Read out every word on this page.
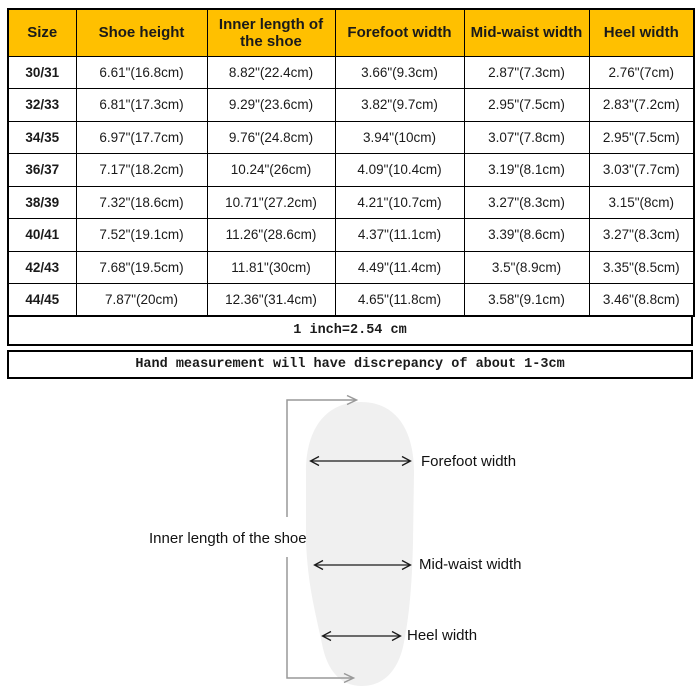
Size	Shoe height	Inner length of the shoe	Forefoot width	Mid-waist width	Heel width
30/31	6.61"(16.8cm)	8.82"(22.4cm)	3.66"(9.3cm)	2.87"(7.3cm)	2.76"(7cm)
32/33	6.81"(17.3cm)	9.29"(23.6cm)	3.82"(9.7cm)	2.95"(7.5cm)	2.83"(7.2cm)
34/35	6.97"(17.7cm)	9.76"(24.8cm)	3.94"(10cm)	3.07"(7.8cm)	2.95"(7.5cm)
36/37	7.17"(18.2cm)	10.24"(26cm)	4.09"(10.4cm)	3.19"(8.1cm)	3.03"(7.7cm)
38/39	7.32"(18.6cm)	10.71"(27.2cm)	4.21"(10.7cm)	3.27"(8.3cm)	3.15"(8cm)
40/41	7.52"(19.1cm)	11.26"(28.6cm)	4.37"(11.1cm)	3.39"(8.6cm)	3.27"(8.3cm)
42/43	7.68"(19.5cm)	11.81"(30cm)	4.49"(11.4cm)	3.5"(8.9cm)	3.35"(8.5cm)
44/45	7.87"(20cm)	12.36"(31.4cm)	4.65"(11.8cm)	3.58"(9.1cm)	3.46"(8.8cm)
1 inch=2.54 cm
Hand measurement will have discrepancy of about 1-3cm
Inner length of the shoe
Forefoot width
Mid-waist width
Heel width
